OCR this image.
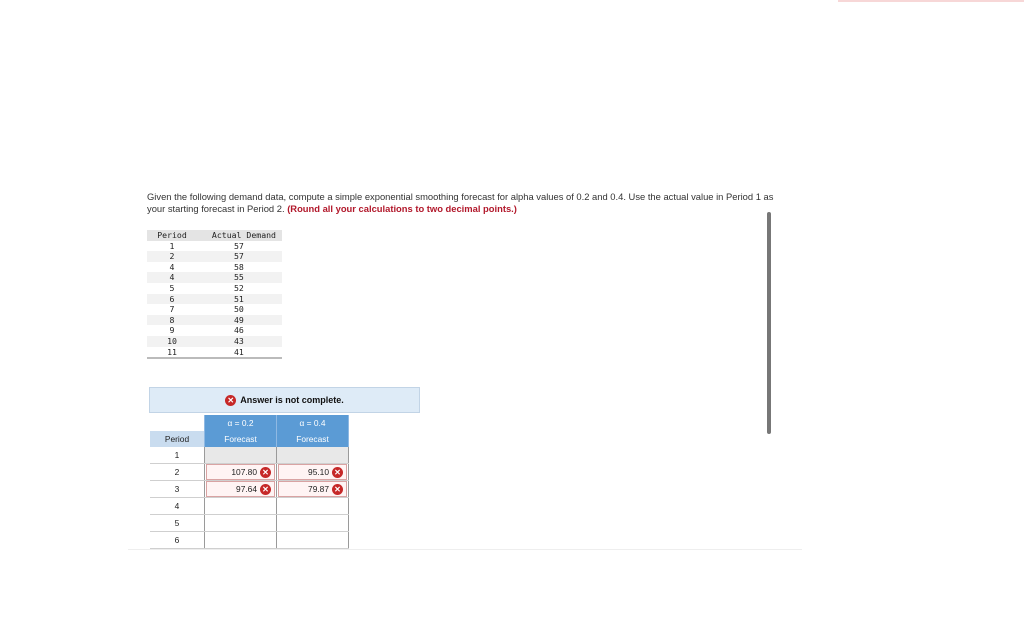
Given the following demand data, compute a simple exponential smoothing forecast for alpha values of 0.2 and 0.4. Use the actual value in Period 1 as your starting forecast in Period 2. (Round all your calculations to two decimal points.)
Period	Actual Demand
1	57
2	57
4	58
4	55
5	52
6	51
7	50
8	49
9	46
10	43
11	41
✕ Answer is not complete.
	α = 0.2	α = 0.4
Period	Forecast	Forecast
1		
2	107.80 ✕	95.10 ✕

3	97.64 ✕	79.87 ✕

4		
5		
6		
